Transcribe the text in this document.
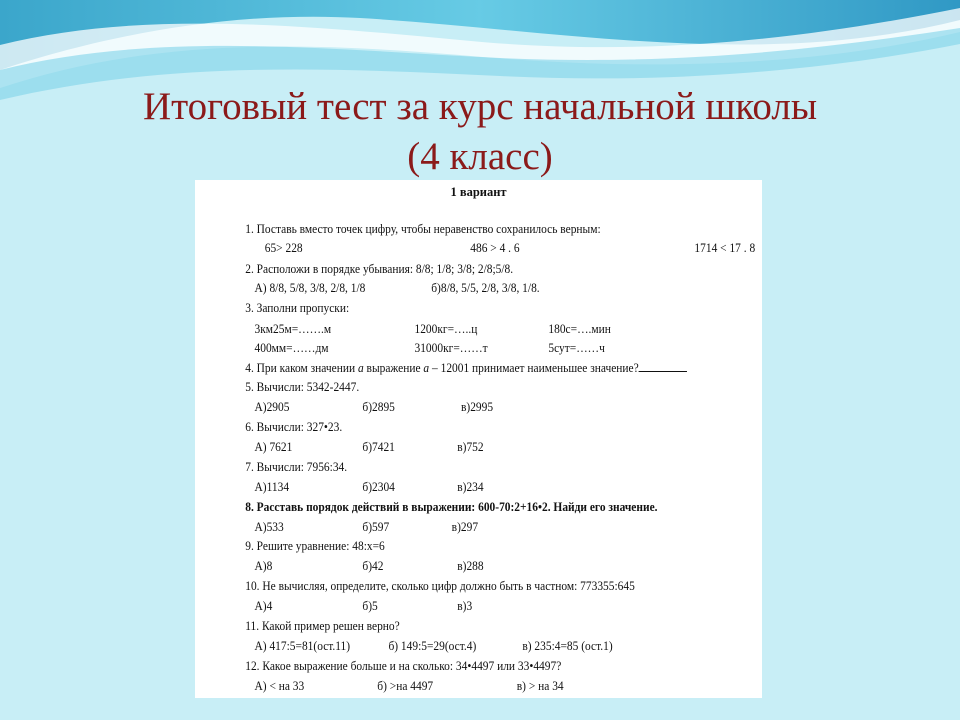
Итоговый тест за курс начальной школы
(4 класс)
1 вариант
1. Поставь вместо точек цифру, чтобы неравенство сохранилось верным:
65> 228	486 > 4 . 6	1714 < 17 . 8
2. Расположи в порядке убывания: 8/8; 1/8; 3/8; 2/8;5/8.
А) 8/8, 5/8, 3/8, 2/8, 1/8	б)8/8, 5/5, 2/8, 3/8, 1/8.
3. Заполни пропуски:
3км25м=…….м	1200кг=…..ц	180с=….мин
400мм=……дм	31000кг=……т	5сут=……ч
4. При каком значении а выражение а – 12001 принимает наименьшее значение?
5. Вычисли: 5342-2447.
А)2905	б)2895	в)2995
6. Вычисли: 327•23.
А) 7621	б)7421	в)752
7. Вычисли: 7956:34.
А)1134	б)2304	в)234
8. Расставь порядок действий в выражении: 600-70:2+16•2. Найди его значение.
А)533	б)597	в)297
9. Решите уравнение: 48:х=6
А)8	б)42	в)288
10. Не вычисляя, определите, сколько цифр должно быть в частном: 773355:645
А)4	б)5	в)3
11. Какой пример решен верно?
А) 417:5=81(ост.11)	б) 149:5=29(ост.4)	в) 235:4=85 (ост.1)
12. Какое выражение больше и на сколько: 34•4497 или 33•4497?
А) < на 33	б) >на 4497	в) > на 34
